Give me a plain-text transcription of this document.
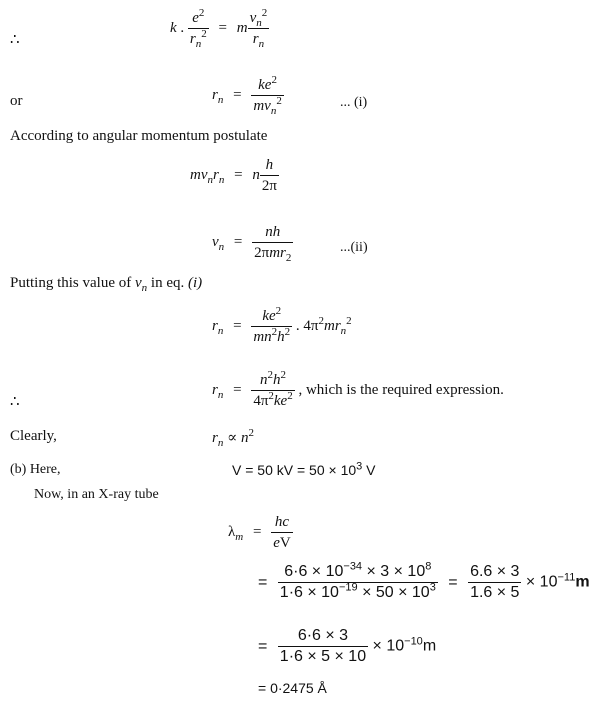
∴
k . $\frac{e^2}{r_n^2} = m \frac{v_n^2}{r_n}$
or	$r_n = \frac{ke^2}{mv_n^2}$	... (i)
According to angular momentum postulate
$mv_nr_n = n \frac{h}{2\pi}$
$v_n = \frac{nh}{2\pi mr_2}$	...(ii)
Putting this value of $v_n$ in eq. (i)
$r_n = \frac{ke^2}{mn^2h^2}$ . $4\pi^2mr_n^2$
∴
$r_n = \frac{n^2h^2}{4\pi^2ke^2}$ , which is the required expression.
Clearly,	$r_n \propto n^2$
(b) Here,	V = 50 kV = $50 \times 10^3$ V
Now, in an X-ray tube
$\lambda_m = \frac{hc}{eV}$
= $\frac{6\cdot 6 \times 10^{-34} \times 3 \times 10^8}{1\cdot 6 \times 10^{-19} \times 50 \times 10^3} = \frac{6.6 \times 3}{1.6 \times 5} \times 10^{-11}m$
= $\frac{6\cdot 6 \times 3}{1\cdot 6 \times 5 \times 10} \times 10^{-10}m$
= 0·2475 Å
